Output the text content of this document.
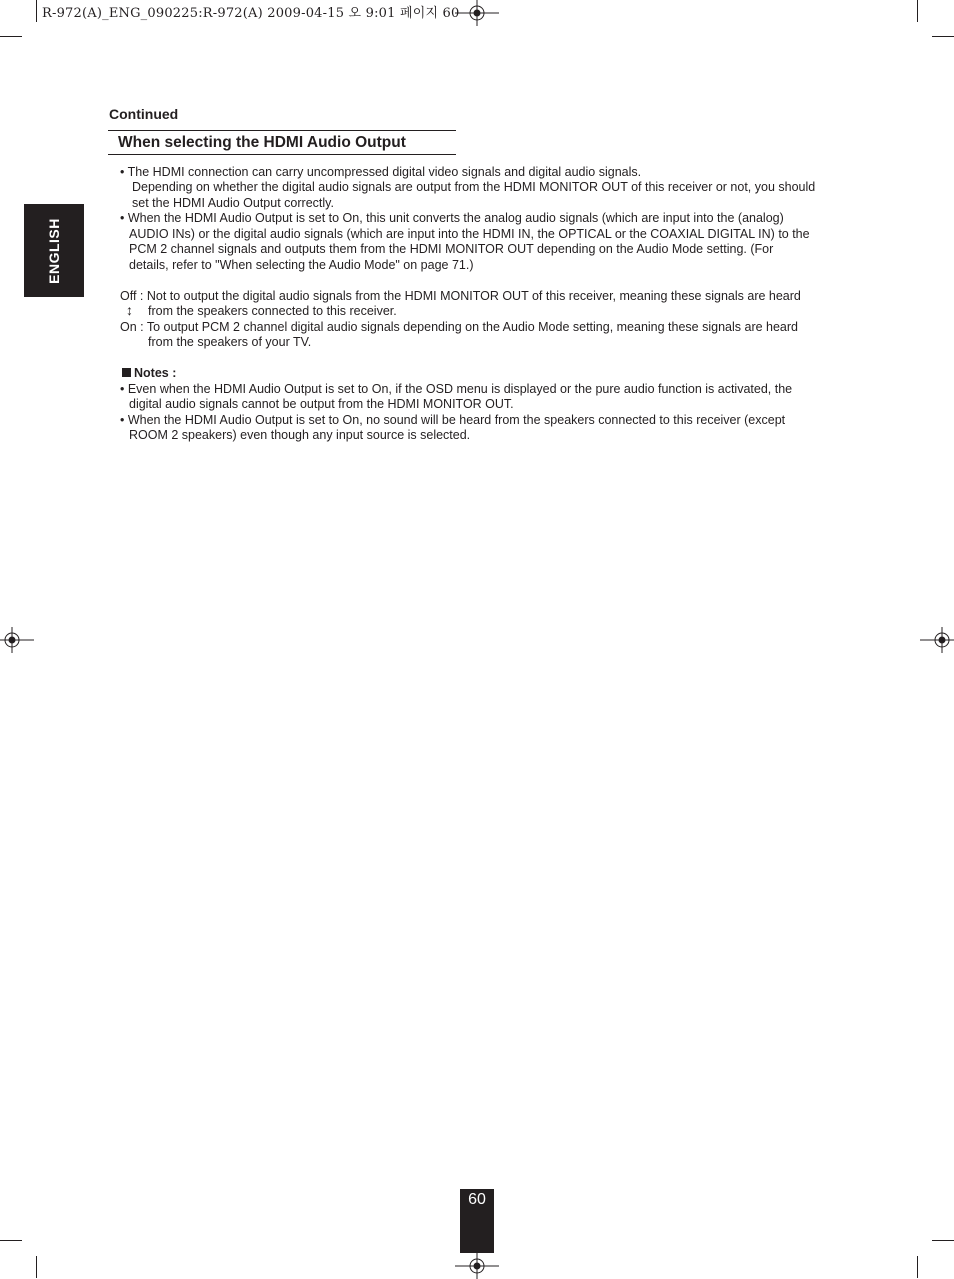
R-972(A)_ENG_090225:R-972(A) 2009-04-15 오 9:01 페이지 60
ENGLISH
Continued
When selecting the HDMI Audio Output
• The HDMI connection can carry uncompressed digital video signals and digital audio signals.
Depending on whether the digital audio signals are output from the HDMI MONITOR OUT of this receiver or not, you should
set the HDMI Audio Output correctly.
• When the HDMI Audio Output is set to On, this unit converts the analog audio signals (which are input into the (analog)
AUDIO INs) or the digital audio signals (which are input into the HDMI IN, the OPTICAL or the COAXIAL DIGITAL IN) to the
PCM 2 channel signals and outputs them from the HDMI MONITOR OUT depending on the Audio Mode setting. (For
details, refer to "When selecting the Audio Mode" on page 71.)
Off : Not to output the digital audio signals from the HDMI MONITOR OUT of this receiver, meaning these signals are heard
↕ from the speakers connected to this receiver.
On : To output PCM 2 channel digital audio signals depending on the Audio Mode setting, meaning these signals are heard
from the speakers of your TV.
Notes :
• Even when the HDMI Audio Output is set to On, if the OSD menu is displayed or the pure audio function is activated, the
digital audio signals cannot be output from the HDMI MONITOR OUT.
• When the HDMI Audio Output is set to On, no sound will be heard from the speakers connected to this receiver (except
ROOM 2 speakers) even though any input source is selected.
60
